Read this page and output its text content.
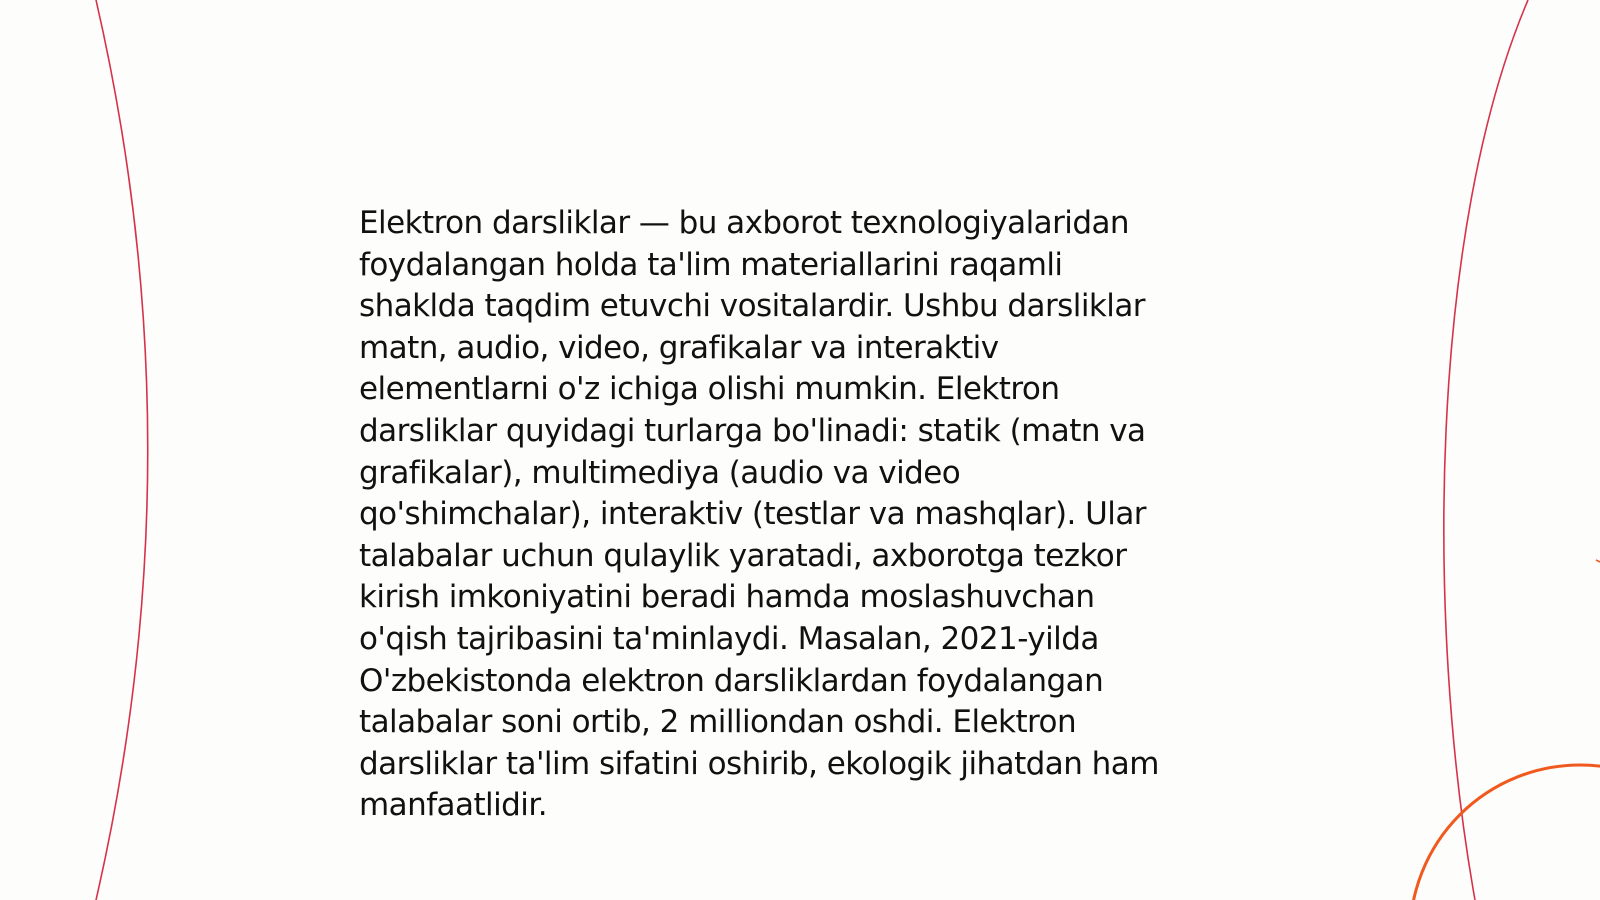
Elektron darsliklar — bu axborot texnologiyalaridan
foydalangan holda ta'lim materiallarini raqamli
shaklda taqdim etuvchi vositalardir. Ushbu darsliklar
matn, audio, video, grafikalar va interaktiv
elementlarni o'z ichiga olishi mumkin. Elektron
darsliklar quyidagi turlarga bo'linadi: statik (matn va
grafikalar), multimediya (audio va video
qo'shimchalar), interaktiv (testlar va mashqlar). Ular
talabalar uchun qulaylik yaratadi, axborotga tezkor
kirish imkoniyatini beradi hamda moslashuvchan
o'qish tajribasini ta'minlaydi. Masalan, 2021-yilda
O'zbekistonda elektron darsliklardan foydalangan
talabalar soni ortib, 2 milliondan oshdi. Elektron
darsliklar ta'lim sifatini oshirib, ekologik jihatdan ham
manfaatlidir.
